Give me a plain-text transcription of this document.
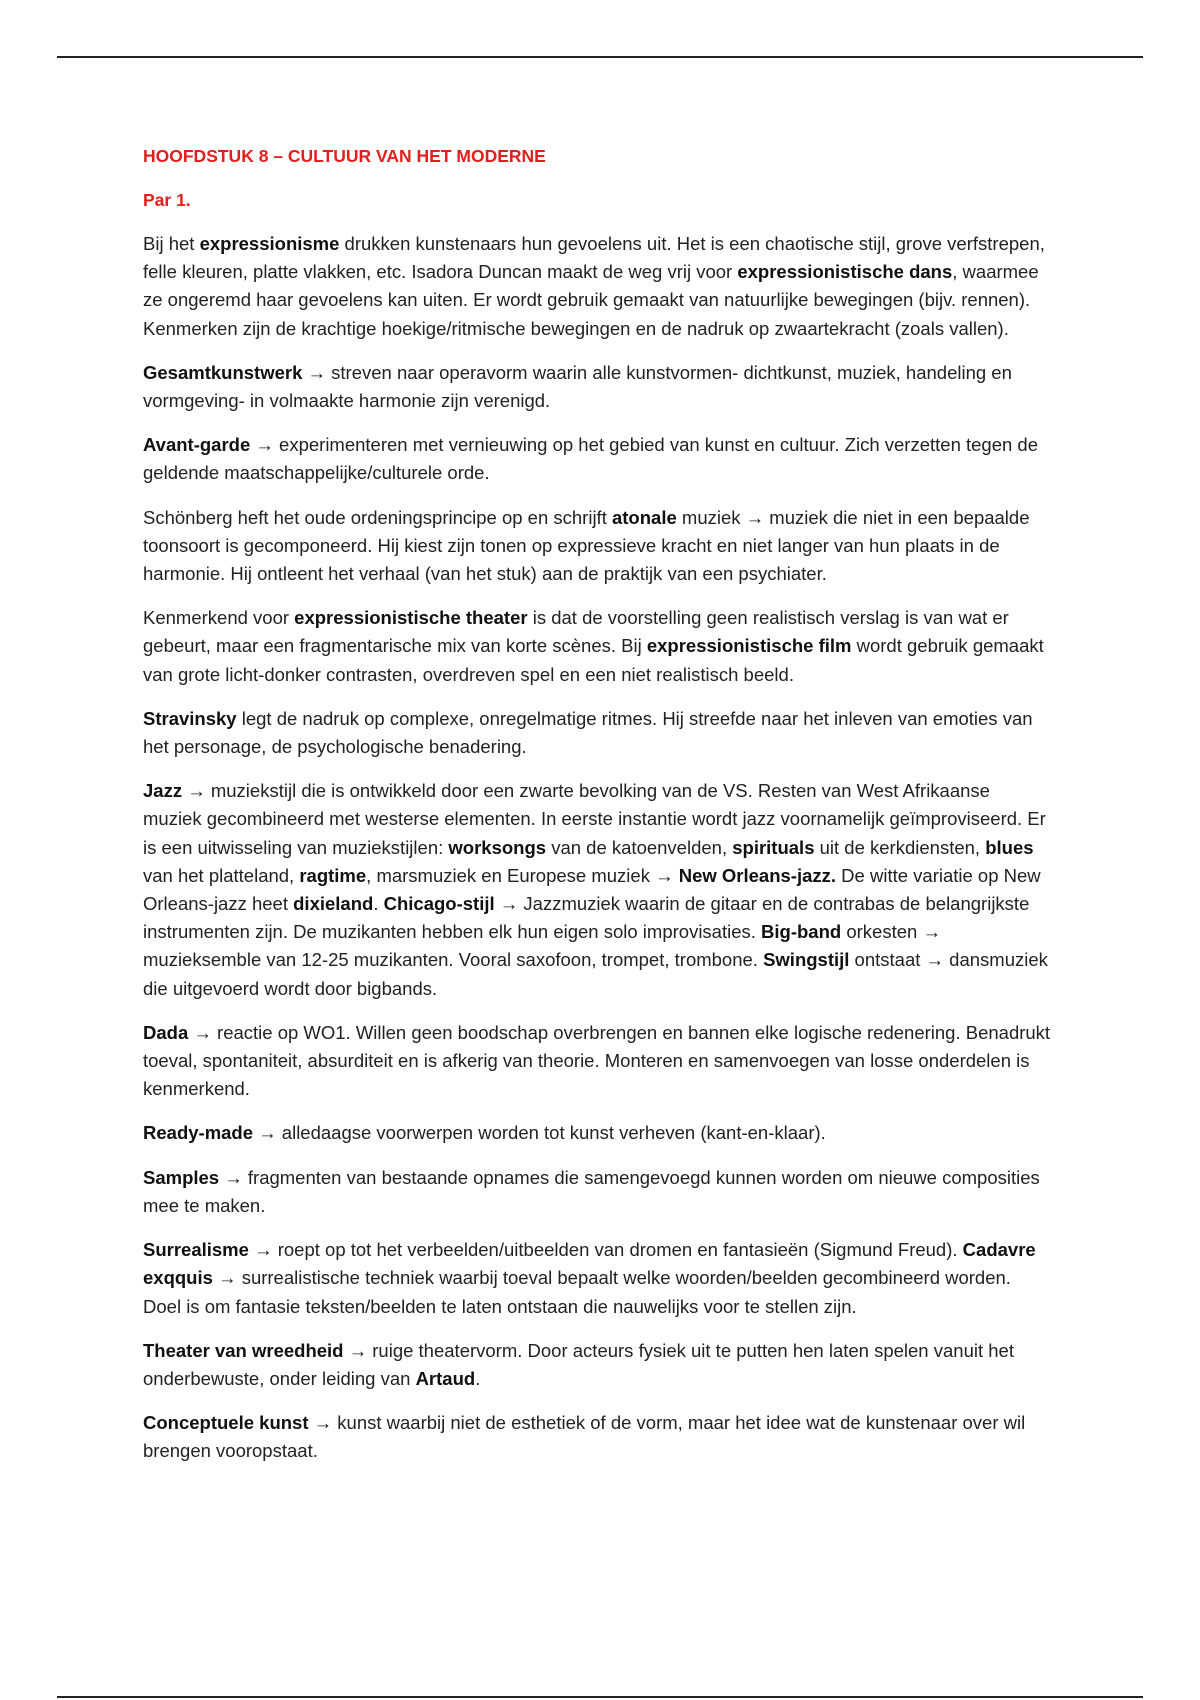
HOOFDSTUK 8 – CULTUUR VAN HET MODERNE
Par 1.

Bij het expressionisme drukken kunstenaars hun gevoelens uit. Het is een chaotische stijl, grove verfstrepen, felle kleuren, platte vlakken, etc. Isadora Duncan maakt de weg vrij voor expressionistische dans, waarmee ze ongeremd haar gevoelens kan uiten. Er wordt gebruik gemaakt van natuurlijke bewegingen (bijv. rennen). Kenmerken zijn de krachtige hoekige/ritmische bewegingen en de nadruk op zwaartekracht (zoals vallen).

Gesamtkunstwerk → streven naar operavorm waarin alle kunstvormen- dichtkunst, muziek, handeling en vormgeving- in volmaakte harmonie zijn verenigd.

Avant-garde → experimenteren met vernieuwing op het gebied van kunst en cultuur. Zich verzetten tegen de geldende maatschappelijke/culturele orde.

Schönberg heft het oude ordeningsprincipe op en schrijft atonale muziek → muziek die niet in een bepaalde toonsoort is gecomponeerd. Hij kiest zijn tonen op expressieve kracht en niet langer van hun plaats in de harmonie. Hij ontleent het verhaal (van het stuk) aan de praktijk van een psychiater.

Kenmerkend voor expressionistische theater is dat de voorstelling geen realistisch verslag is van wat er gebeurt, maar een fragmentarische mix van korte scènes. Bij expressionistische film wordt gebruik gemaakt van grote licht-donker contrasten, overdreven spel en een niet realistisch beeld.

Stravinsky legt de nadruk op complexe, onregelmatige ritmes. Hij streefde naar het inleven van emoties van het personage, de psychologische benadering.

Jazz → muziekstijl die is ontwikkeld door een zwarte bevolking van de VS. Resten van West Afrikaanse muziek gecombineerd met westerse elementen. In eerste instantie wordt jazz voornamelijk geïmproviseerd. Er is een uitwisseling van muziekstijlen: worksongs van de katoenvelden, spirituals uit de kerkdiensten, blues van het platteland, ragtime, marsmuziek en Europese muziek → New Orleans-jazz. De witte variatie op New Orleans-jazz heet dixieland. Chicago-stijl → Jazzmuziek waarin de gitaar en de contrabas de belangrijkste instrumenten zijn. De muzikanten hebben elk hun eigen solo improvisaties. Big-band orkesten → muzieksemble van 12-25 muzikanten. Vooral saxofoon, trompet, trombone. Swingstijl ontstaat → dansmuziek die uitgevoerd wordt door bigbands.

Dada → reactie op WO1. Willen geen boodschap overbrengen en bannen elke logische redenering. Benadrukt toeval, spontaniteit, absurditeit en is afkerig van theorie. Monteren en samenvoegen van losse onderdelen is kenmerkend.

Ready-made → alledaagse voorwerpen worden tot kunst verheven (kant-en-klaar).

Samples → fragmenten van bestaande opnames die samengevoegd kunnen worden om nieuwe composities mee te maken.

Surrealisme → roept op tot het verbeelden/uitbeelden van dromen en fantasieën (Sigmund Freud). Cadavre exqquis → surrealistische techniek waarbij toeval bepaalt welke woorden/beelden gecombineerd worden. Doel is om fantasie teksten/beelden te laten ontstaan die nauwelijks voor te stellen zijn.

Theater van wreedheid → ruige theatervorm. Door acteurs fysiek uit te putten hen laten spelen vanuit het onderbewuste, onder leiding van Artaud.

Conceptuele kunst → kunst waarbij niet de esthetiek of de vorm, maar het idee wat de kunstenaar over wil brengen vooropstaat.
